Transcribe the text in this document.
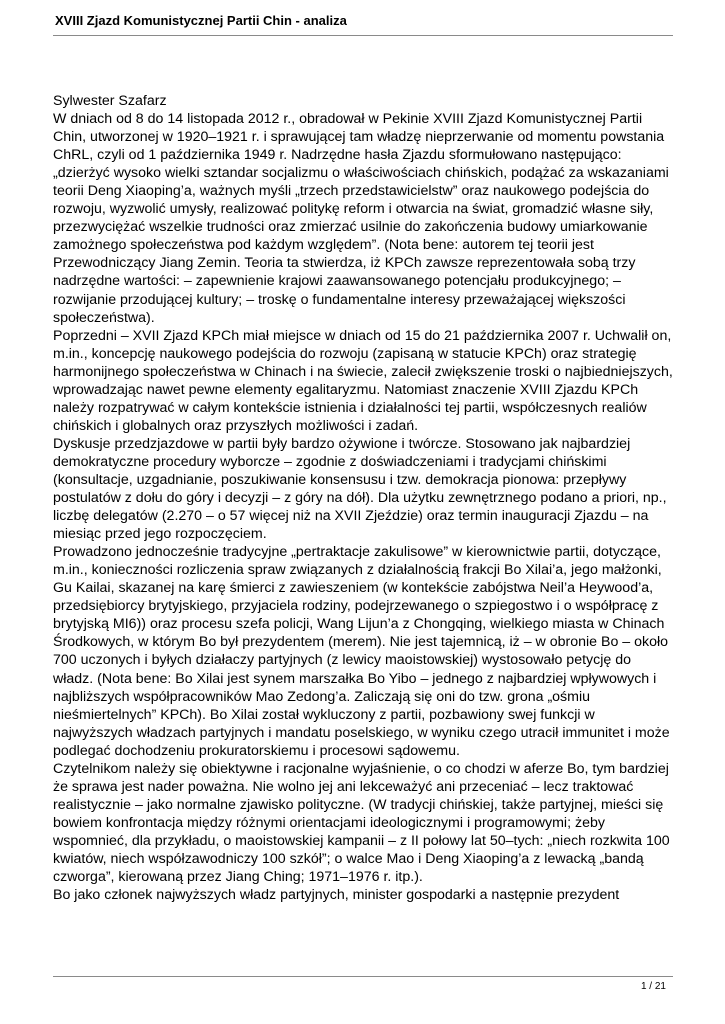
XVIII Zjazd Komunistycznej Partii Chin - analiza

Sylwester Szafarz

W dniach od 8 do 14 listopada 2012 r., obradował w Pekinie XVIII Zjazd Komunistycznej Partii Chin, utworzonej w 1920–1921 r. i sprawującej tam władzę nieprzerwanie od momentu powstania ChRL, czyli od 1 października 1949 r. Nadrzędne hasła Zjazdu sformułowano następująco: „dzierżyć wysoko wielki sztandar socjalizmu o właściwościach chińskich, podążać za wskazaniami teorii Deng Xiaoping’a, ważnych myśli „trzech przedstawicielstw” oraz naukowego podejścia do rozwoju, wyzwolić umysły, realizować politykę reform i otwarcia na świat, gromadzić własne siły, przezwyciężać wszelkie trudności oraz zmierzać usilnie do zakończenia budowy umiarkowanie zamożnego społeczeństwa pod każdym względem”. (Nota bene: autorem tej teorii jest Przewodniczący Jiang Zemin. Teoria ta stwierdza, iż KPCh zawsze reprezentowała sobą trzy nadrzędne wartości: – zapewnienie krajowi zaawansowanego potencjału produkcyjnego; – rozwijanie przodującej kultury; – troskę o fundamentalne interesy przeważającej większości społeczeństwa).

Poprzedni – XVII Zjazd KPCh miał miejsce w dniach od 15 do 21 października 2007 r. Uchwalił on, m.in., koncepcję naukowego podejścia do rozwoju (zapisaną w statucie KPCh) oraz strategię harmonijnego społeczeństwa w Chinach i na świecie, zalecił zwiększenie troski o najbiedniejszych, wprowadzając nawet pewne elementy egalitaryzmu. Natomiast znaczenie XVIII Zjazdu KPCh należy rozpatrywać w całym kontekście istnienia i działalności tej partii, współczesnych realiów chińskich i globalnych oraz przyszłych możliwości i zadań.

Dyskusje przedzjazdowe w partii były bardzo ożywione i twórcze. Stosowano jak najbardziej demokratyczne procedury wyborcze – zgodnie z doświadczeniami i tradycjami chińskimi (konsultacje, uzgadnianie, poszukiwanie konsensusu i tzw. demokracja pionowa: przepływy postulatów z dołu do góry i decyzji – z góry na dół). Dla użytku zewnętrznego podano a priori, np., liczbę delegatów (2.270 – o 57 więcej niż na XVII Zjeździe) oraz termin inauguracji Zjazdu – na miesiąc przed jego rozpoczęciem.

Prowadzono jednocześnie tradycyjne „pertraktacje zakulisowe” w kierownictwie partii, dotyczące, m.in., konieczności rozliczenia spraw związanych z działalnością frakcji Bo Xilai’a, jego małżonki, Gu Kailai, skazanej na karę śmierci z zawieszeniem (w kontekście zabójstwa Neil’a Heywood’a, przedsiębiorcy brytyjskiego, przyjaciela rodziny, podejrzewanego o szpiegostwo i o współpracę z brytyjską MI6)) oraz procesu szefa policji, Wang Lijun’a z Chongqing, wielkiego miasta w Chinach Środkowych, w którym Bo był prezydentem (merem). Nie jest tajemnicą, iż – w obronie Bo – około 700 uczonych i byłych działaczy partyjnych (z lewicy maoistowskiej) wystosowało petycję do władz. (Nota bene: Bo Xilai jest synem marszałka Bo Yibo – jednego z najbardziej wpływowych i najbliższych współpracowników Mao Zedong’a. Zaliczają się oni do tzw. grona „ośmiu nieśmiertelnych” KPCh). Bo Xilai został wykluczony z partii, pozbawiony swej funkcji w najwyższych władzach partyjnych i mandatu poselskiego, w wyniku czego utracił immunitet i może podlegać dochodzeniu prokuratorskiemu i procesowi sądowemu.

Czytelnikom należy się obiektywne i racjonalne wyjaśnienie, o co chodzi w aferze Bo, tym bardziej że sprawa jest nader poważna. Nie wolno jej ani lekceważyć ani przeceniać – lecz traktować realistycznie – jako normalne zjawisko polityczne. (W tradycji chińskiej, także partyjnej, mieści się bowiem konfrontacja między różnymi orientacjami ideologicznymi i programowymi; żeby wspomnieć, dla przykładu, o maoistowskiej kampanii – z II połowy lat 50–tych: „niech rozkwita 100 kwiatów, niech współzawodniczy 100 szkół”; o walce Mao i Deng Xiaoping’a z lewacką „bandą czworga”, kierowaną przez Jiang Ching; 1971–1976 r. itp.).

Bo jako członek najwyższych władz partyjnych, minister gospodarki a następnie prezydent

1 / 21
